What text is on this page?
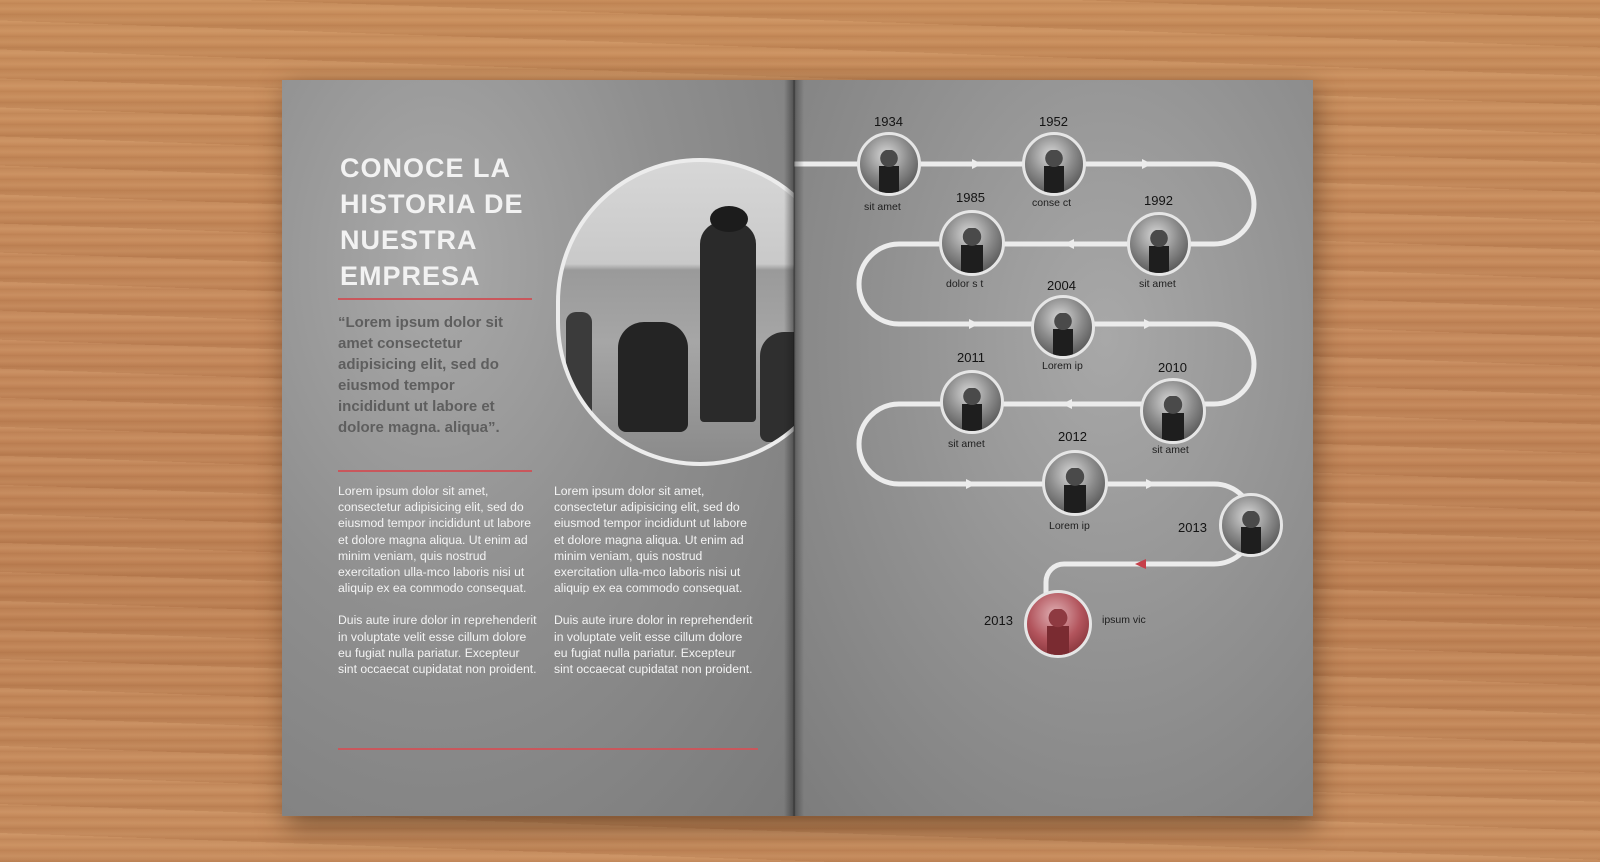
CONOCE LA
HISTORIA DE
NUESTRA
EMPRESA

“Lorem ipsum dolor sit amet consectetur adipisicing elit, sed do eiusmod tempor incididunt ut labore et dolore magna. aliqua”.

Lorem ipsum dolor sit amet, consectetur adipisicing elit, sed do eiusmod tempor incididunt ut labore et dolore magna aliqua. Ut enim ad minim veniam, quis nostrud exercitation ulla-mco laboris nisi ut aliquip ex ea commodo consequat.

Duis aute irure dolor in reprehenderit in voluptate velit esse cillum dolore eu fugiat nulla pariatur. Excepteur sint occaecat cupidatat non proident.

Lorem ipsum dolor sit amet, consectetur adipisicing elit, sed do eiusmod tempor incididunt ut labore et dolore magna aliqua. Ut enim ad minim veniam, quis nostrud exercitation ulla-mco laboris nisi ut aliquip ex ea commodo consequat.

Duis aute irure dolor in reprehenderit in voluptate velit esse cillum dolore eu fugiat nulla pariatur. Excepteur sint occaecat cupidatat non proident.

1934
sit amet
1952
conse ct
1985
dolor s t
1992
sit amet
2004
Lorem ip
2011
sit amet
2010
sit amet
2012
Lorem ip	2013
2013	ipsum vic
